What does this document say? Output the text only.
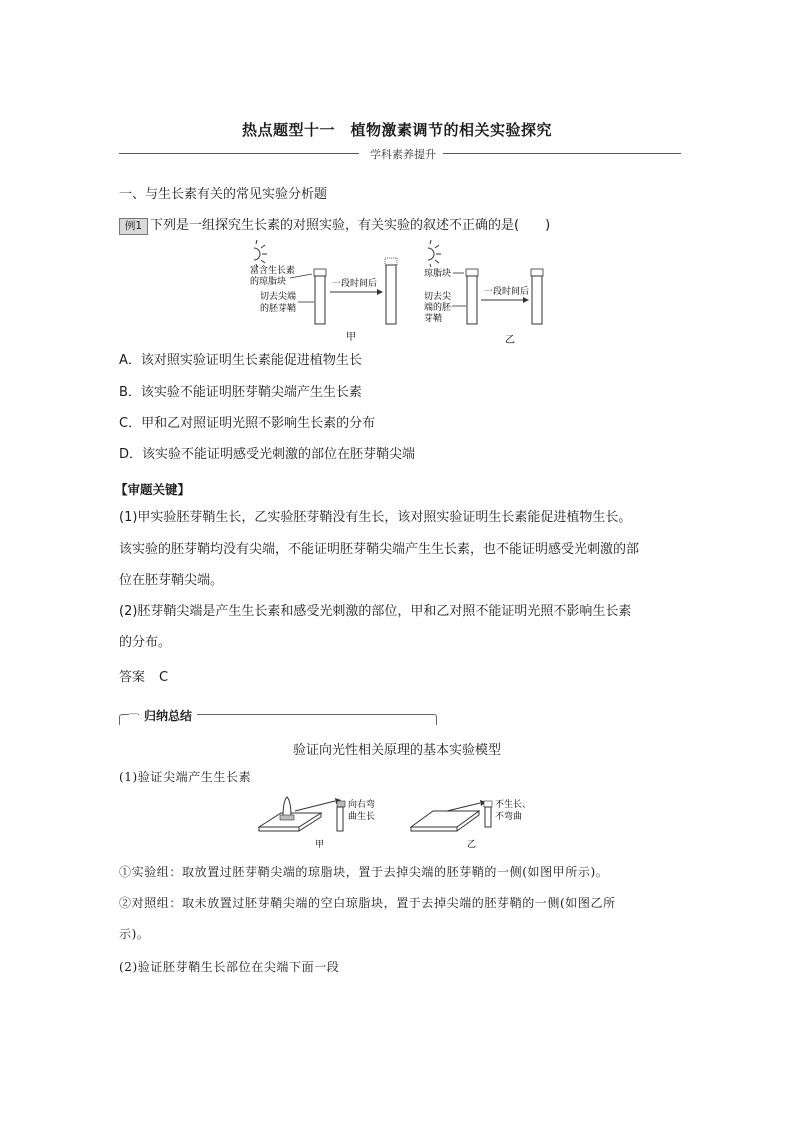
热点题型十一　植物激素调节的相关实验探究
学科素养提升
一、与生长素有关的常见实验分析题
例1 下列是一组探究生长素的对照实验，有关实验的叙述不正确的是(　　)
富含生长素
的琼脂块
切去尖端
的胚芽鞘
一段时间后
甲
琼脂块
切去尖
端的胚
芽鞘
一段时间后
乙
A．该对照实验证明生长素能促进植物生长
B．该实验不能证明胚芽鞘尖端产生生长素
C．甲和乙对照证明光照不影响生长素的分布
D．该实验不能证明感受光刺激的部位在胚芽鞘尖端
【审题关键】
(1)甲实验胚芽鞘生长，乙实验胚芽鞘没有生长，该对照实验证明生长素能促进植物生长。
该实验的胚芽鞘均没有尖端，不能证明胚芽鞘尖端产生生长素，也不能证明感受光刺激的部
位在胚芽鞘尖端。
(2)胚芽鞘尖端是产生生长素和感受光刺激的部位，甲和乙对照不能证明光照不影响生长素
的分布。
答案 C
— 归纳总结
验证向光性相关原理的基本实验模型
(1)验证尖端产生生长素
向右弯
曲生长
甲
不生长、
不弯曲
乙
①实验组：取放置过胚芽鞘尖端的琼脂块，置于去掉尖端的胚芽鞘的一侧(如图甲所示)。
②对照组：取未放置过胚芽鞘尖端的空白琼脂块，置于去掉尖端的胚芽鞘的一侧(如图乙所
示)。
(2)验证胚芽鞘生长部位在尖端下面一段
